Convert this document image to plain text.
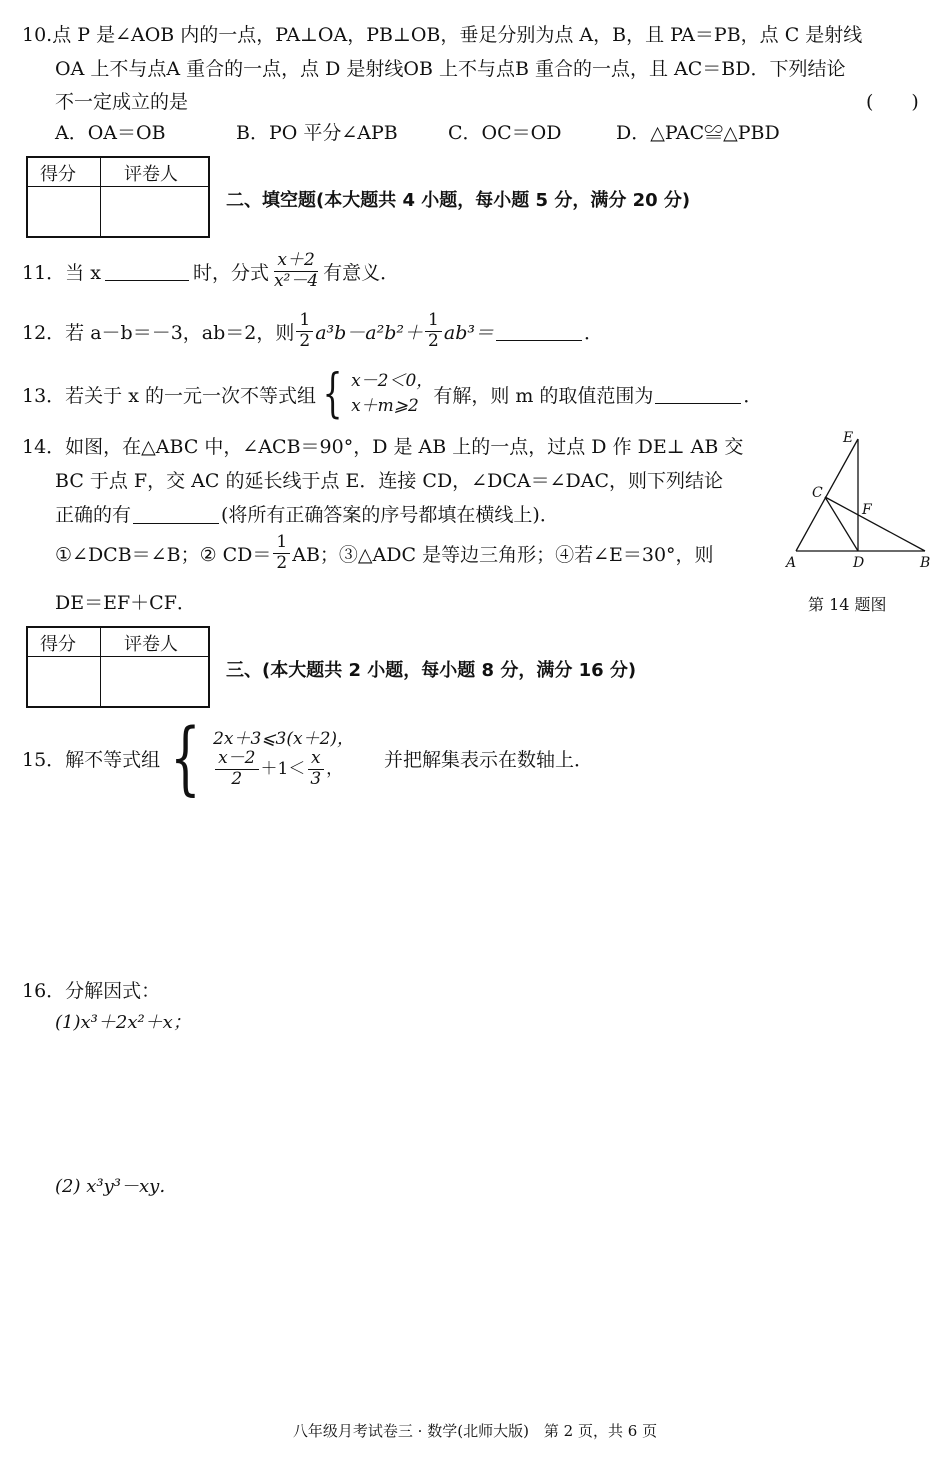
10.点 P 是∠AOB 内的一点，PA⊥OA，PB⊥OB，垂足分别为点 A，B，且 PA＝PB，点 C 是射线
OA 上不与点A 重合的一点，点 D 是射线OB 上不与点B 重合的一点，且 AC＝BD．下列结论
不一定成立的是	(　　)
A．OA＝OB	B．PO 平分∠APB	C．OC＝OD	D．△PAC≌△PBD
得分	评卷人
二、填空题(本大题共 4 小题，每小题 5 分，满分 20 分)
11．当 x	时，分式 $\frac{x+2}{\text{x²－4}}$ 有意义．
12．若 a－b＝－3，ab＝2，则 $\frac{1}{2} a^3b-a^2b^2+ \frac{1}{2} ab^3=$	．
13．若关于 x 的一元一次不等式组 { x－2＜0，
x＋m⩾2 有解，则 m 的取值范围为	．
14．如图，在△ABC 中，∠ACB＝90°，D 是 AB 上的一点，过点 D 作 DE⊥ AB 交
BC 于点 F，交 AC 的延长线于点 E．连接 CD，∠DCA＝∠DAC，则下列结论
正确的有	(将所有正确答案的序号都填在横线上)．
①∠DCB＝∠B；② $CD= \frac{1}{2}$ AB；③△ADC 是等边三角形；④若∠E＝30°，则
DE＝EF＋CF．
E
C
F
A	D	B
第 14 题图
得分	评卷人
三、(本大题共 2 小题，每小题 8 分，满分 16 分)
15．解不等式组 { 2x＋3⩽3(x＋2)，
$\frac{x-2}{2} +1< \frac{x}{3}$ ， 并把解集表示在数轴上．
16．分解因式：
(1)x³＋2x²＋x；
(2) x³y³－xy．
八年级月考试卷三 · 数学(北师大版)　第 2 页，共 6 页
